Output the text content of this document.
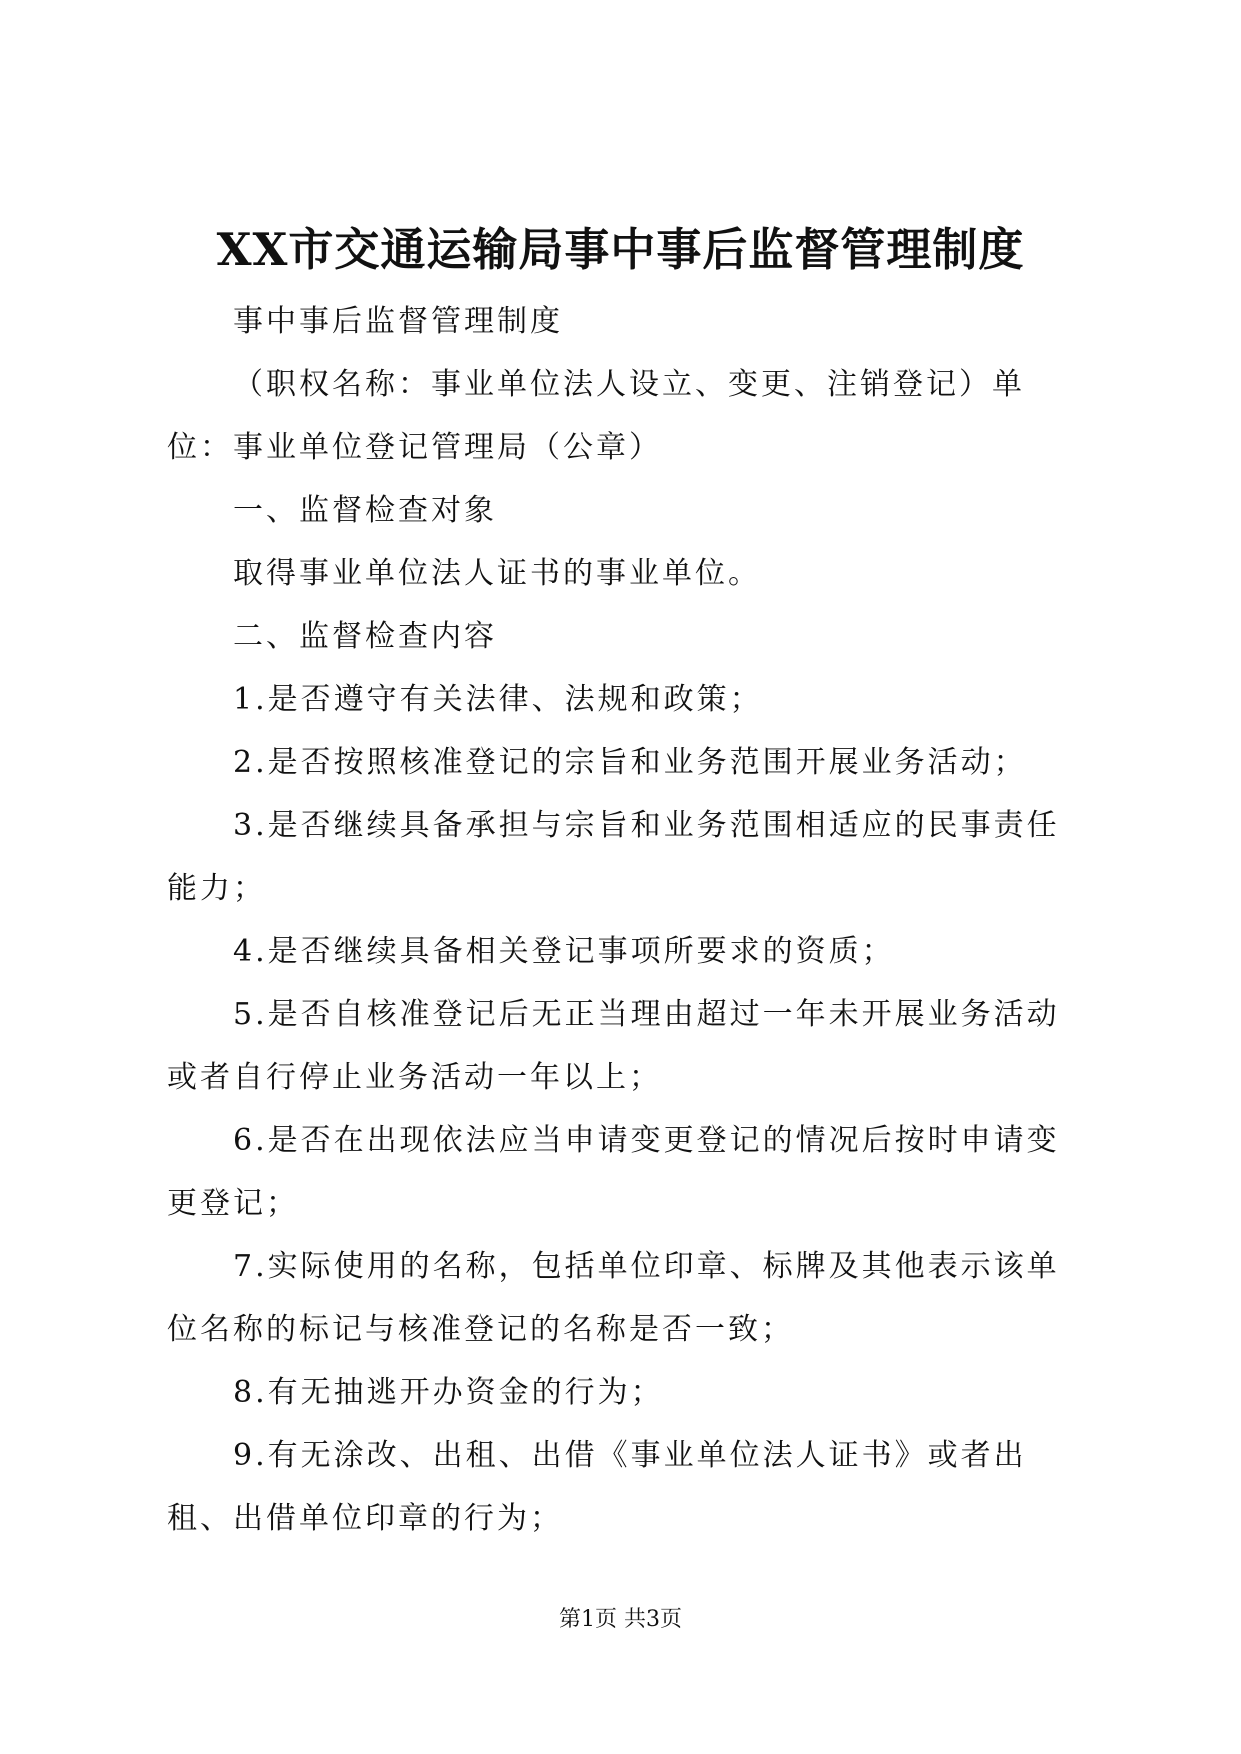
XX市交通运输局事中事后监督管理制度

事中事后监督管理制度

（职权名称：事业单位法人设立、变更、注销登记）单位：事业单位登记管理局（公章）

一、监督检查对象

取得事业单位法人证书的事业单位。

二、监督检查内容

1.是否遵守有关法律、法规和政策；

2.是否按照核准登记的宗旨和业务范围开展业务活动；

3.是否继续具备承担与宗旨和业务范围相适应的民事责任能力；

4.是否继续具备相关登记事项所要求的资质；

5.是否自核准登记后无正当理由超过一年未开展业务活动或者自行停止业务活动一年以上；

6.是否在出现依法应当申请变更登记的情况后按时申请变更登记；

7.实际使用的名称，包括单位印章、标牌及其他表示该单位名称的标记与核准登记的名称是否一致；

8.有无抽逃开办资金的行为；

9.有无涂改、出租、出借《事业单位法人证书》或者出租、出借单位印章的行为；

第1页 共3页
